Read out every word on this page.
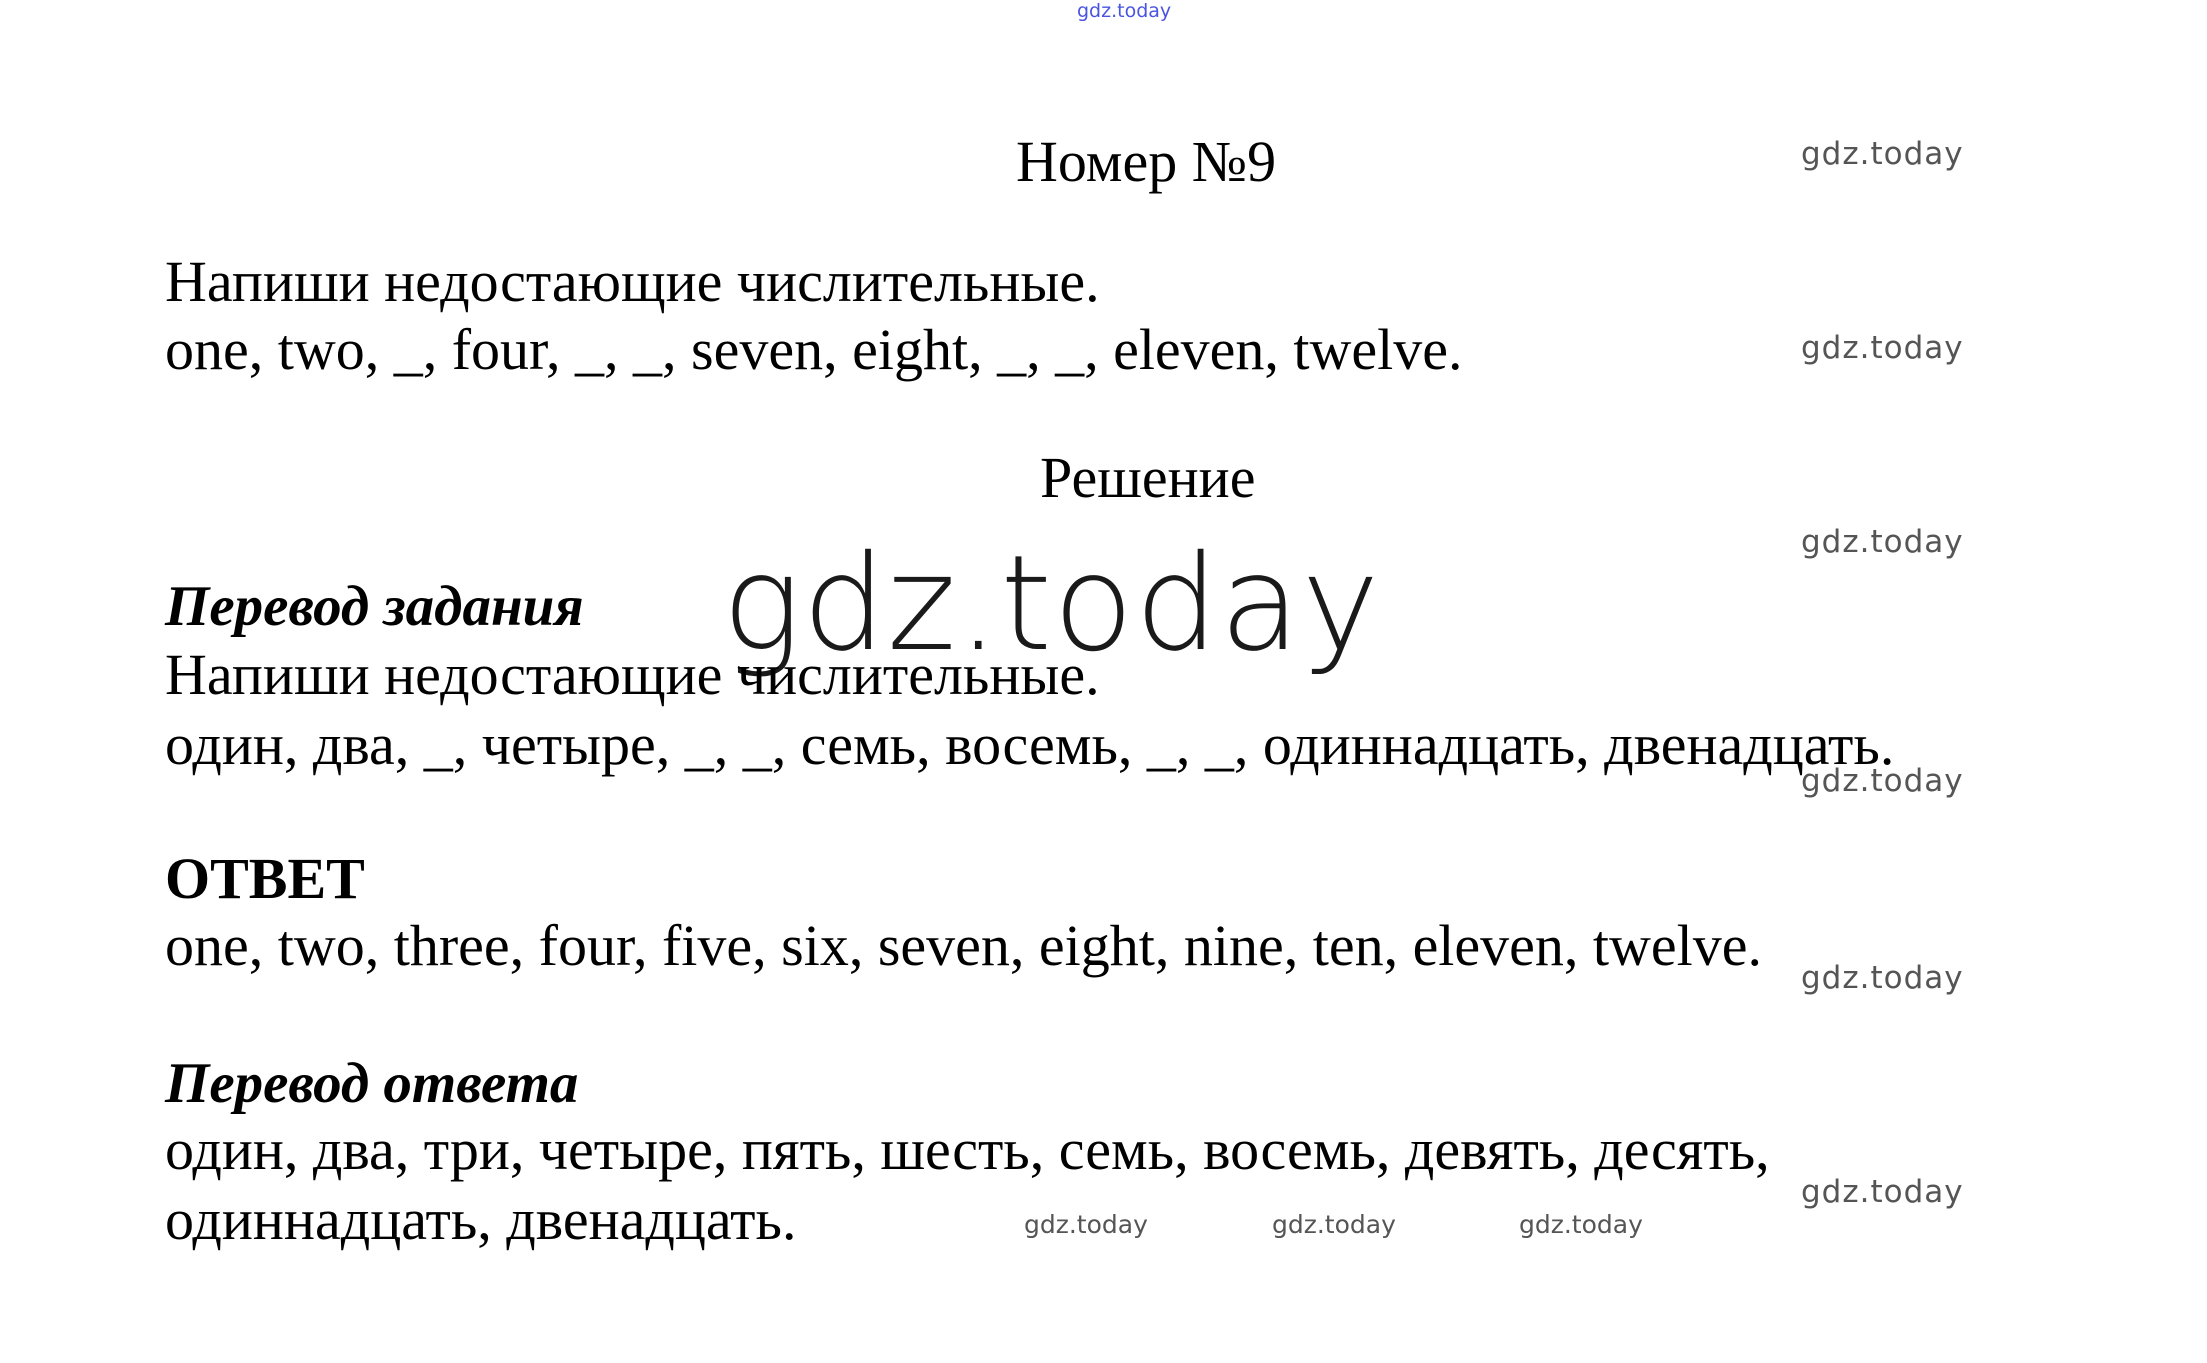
gdz.today
Номер №9
Напиши недостающие числительные.
one, two, _, four, _, _, seven, eight, _, _, eleven, twelve.
Решение
gdz.today
Перевод задания
Напиши недостающие числительные.
один, два, _, четыре, _, _, семь, восемь, _, _, одиннадцать, двенадцать.
ОТВЕТ
one, two, three, four, five, six, seven, eight, nine, ten, eleven, twelve.
Перевод ответа
один, два, три, четыре, пять, шесть, семь, восемь, девять, десять,
одиннадцать, двенадцать.
gdz.today
gdz.today
gdz.today
gdz.today
gdz.today
gdz.today
gdz.today	gdz.today	gdz.today
